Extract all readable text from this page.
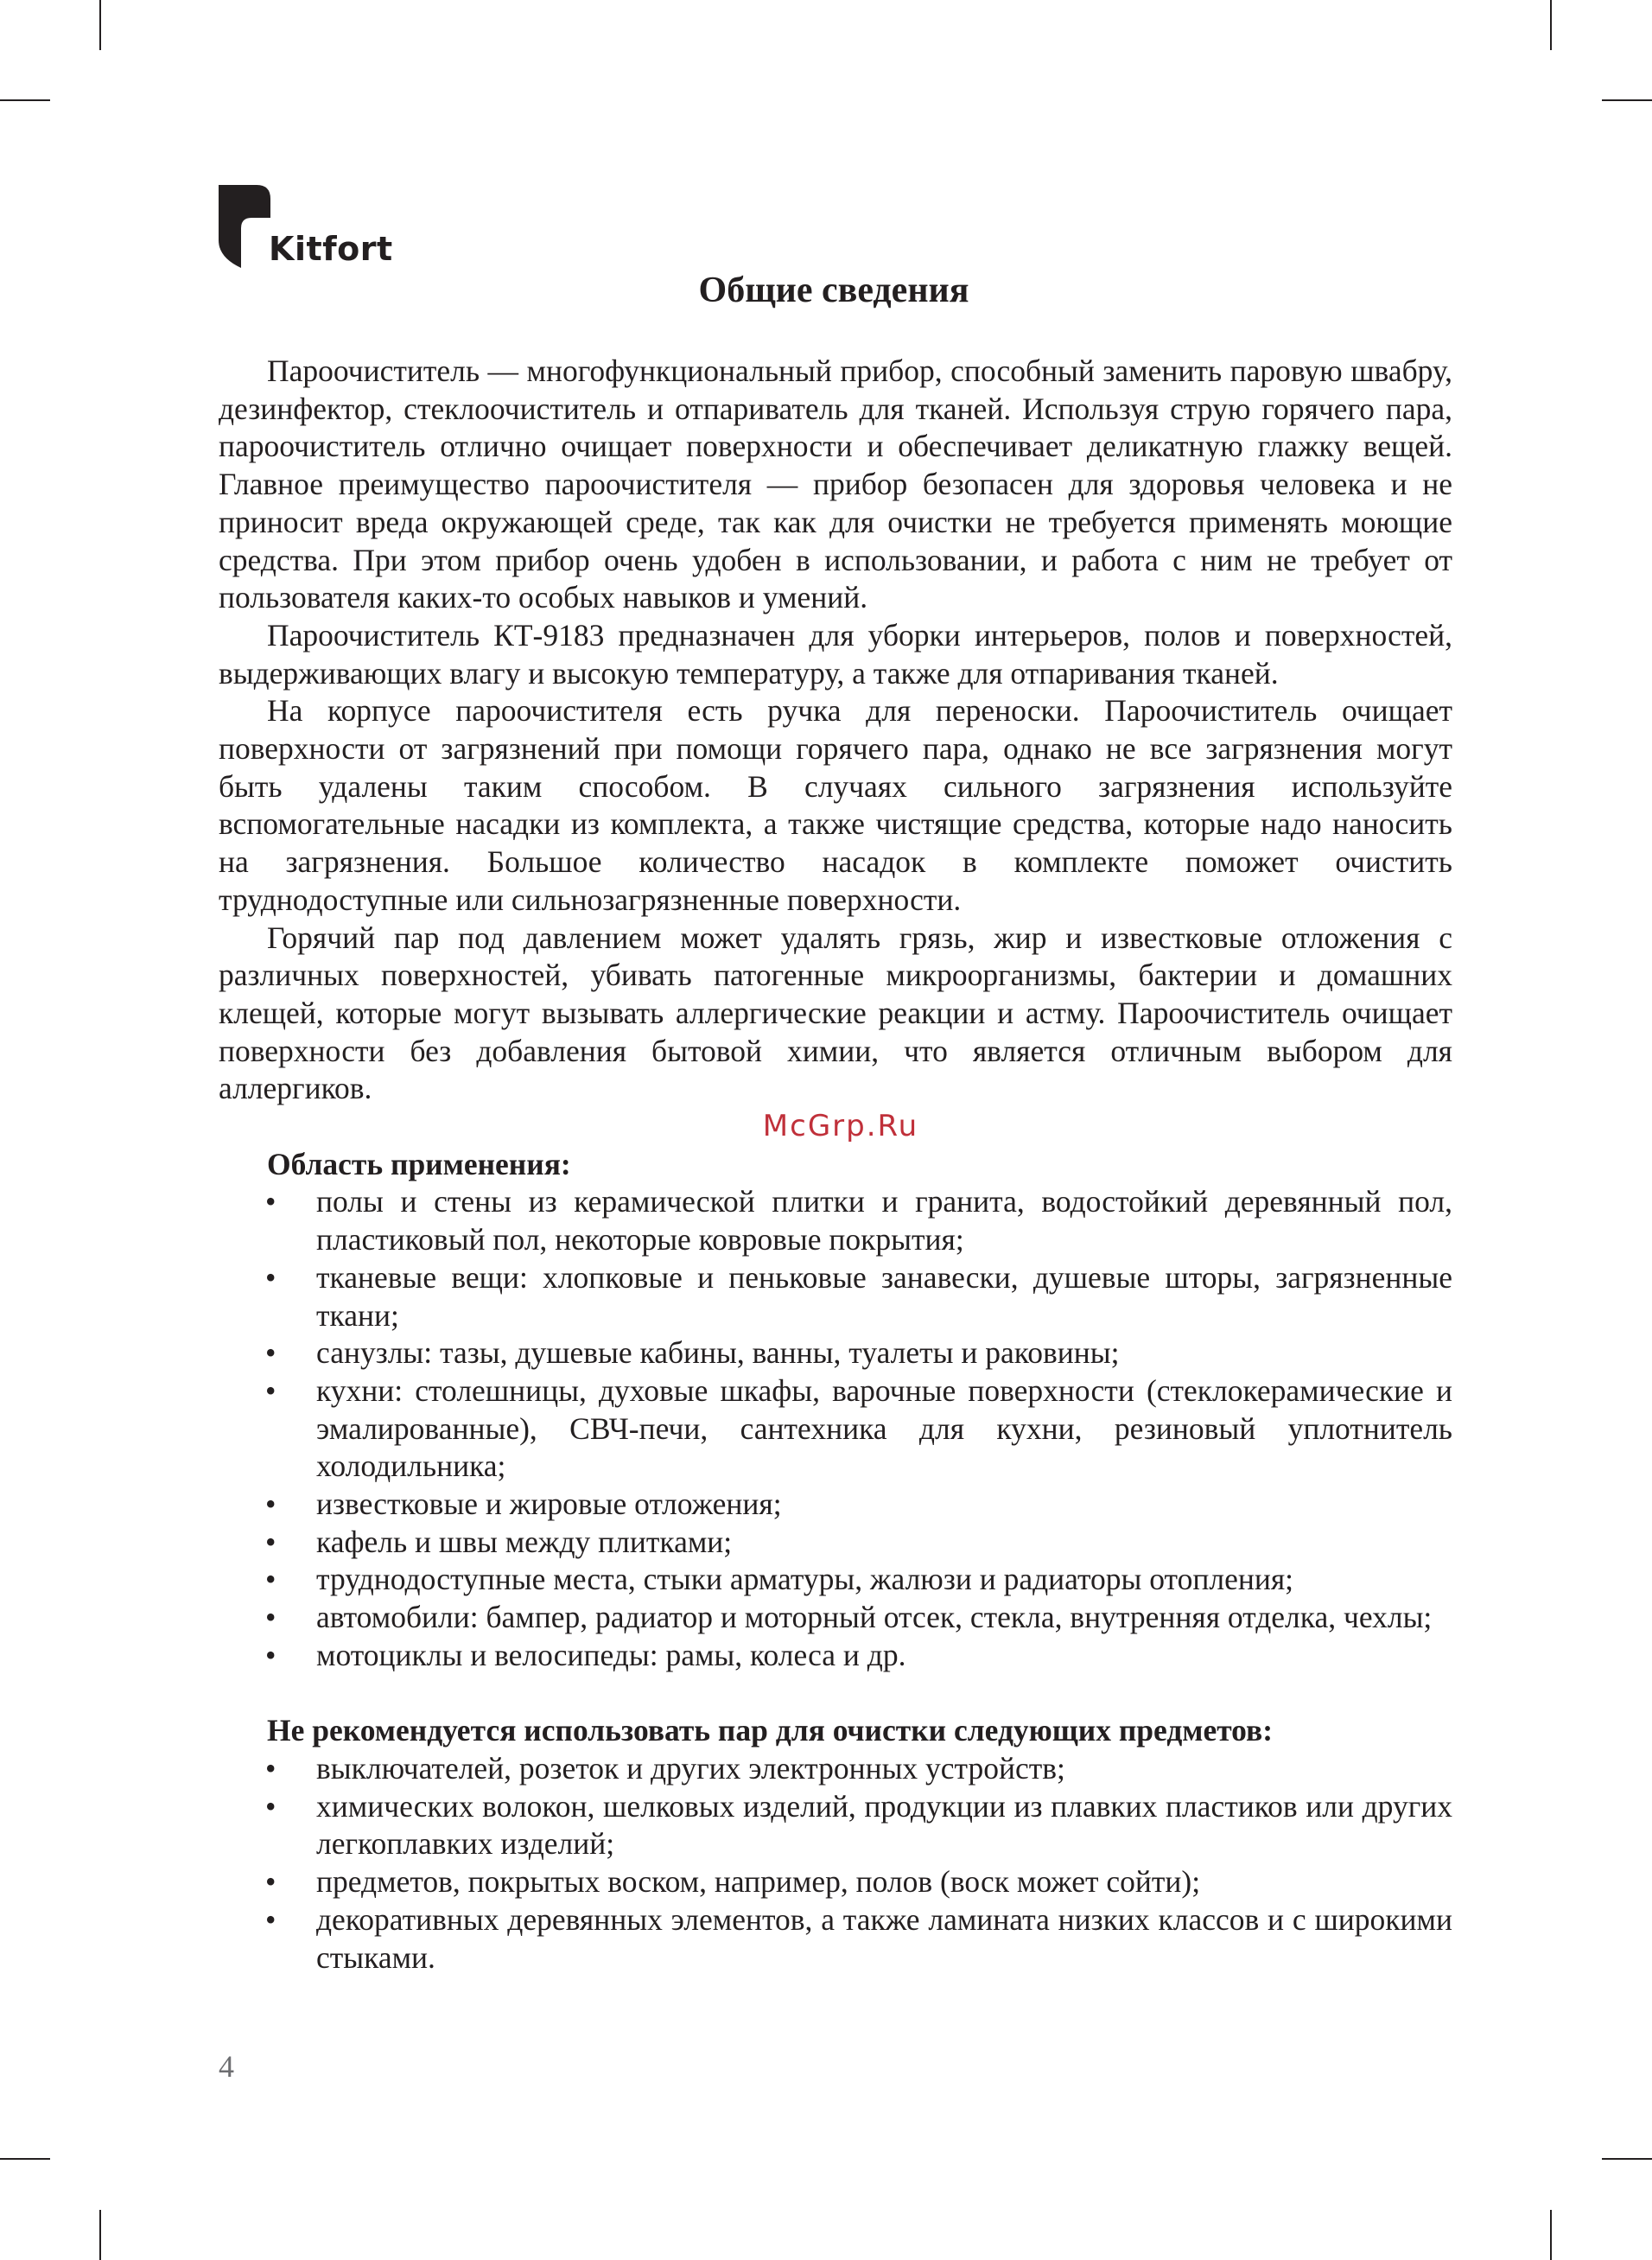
Kitfort
Общие сведения

Пароочиститель — многофункциональный прибор, способный заменить паровую швабру, дезинфектор, стеклоочиститель и отпариватель для тканей. Используя струю горячего пара, пароочиститель отлично очищает поверхности и обеспечивает деликатную глажку вещей. Главное преимущество пароочистителя — прибор безопасен для здоровья человека и не приносит вреда окружающей среде, так как для очистки не требуется применять моющие средства. При этом прибор очень удобен в использовании, и работа с ним не требует от пользователя каких-то особых навыков и умений.

Пароочиститель КТ-9183 предназначен для уборки интерьеров, полов и поверхностей, выдерживающих влагу и высокую температуру, а также для отпаривания тканей.

На корпусе пароочистителя есть ручка для переноски. Пароочиститель очищает поверхности от загрязнений при помощи горячего пара, однако не все загрязнения могут быть удалены таким способом. В случаях сильного загрязнения используйте вспомогательные насадки из комплекта, а также чистящие средства, которые надо наносить на загрязнения. Большое количество насадок в комплекте поможет очистить труднодоступные или сильнозагрязненные поверхности.

Горячий пар под давлением может удалять грязь, жир и известковые отложения с различных поверхностей, убивать патогенные микроорганизмы, бактерии и домашних клещей, которые могут вызывать аллергические реакции и астму. Пароочиститель очищает поверхности без добавления бытовой химии, что является отличным выбором для аллергиков.

McGrp.Ru
Область применения:
• полы и стены из керамической плитки и гранита, водостойкий деревянный пол, пластиковый пол, некоторые ковровые покрытия;
• тканевые вещи: хлопковые и пеньковые занавески, душевые шторы, загрязненные ткани;
• санузлы: тазы, душевые кабины, ванны, туалеты и раковины;
• кухни: столешницы, духовые шкафы, варочные поверхности (стеклокерамические и эмалированные), СВЧ-печи, сантехника для кухни, резиновый уплотнитель холодильника;
• известковые и жировые отложения;
• кафель и швы между плитками;
• труднодоступные места, стыки арматуры, жалюзи и радиаторы отопления;
• автомобили: бампер, радиатор и моторный отсек, стекла, внутренняя отделка, чехлы;
• мотоциклы и велосипеды: рамы, колеса и др.
Не рекомендуется использовать пар для очистки следующих предметов:
• выключателей, розеток и других электронных устройств;
• химических волокон, шелковых изделий, продукции из плавких пластиков или других легкоплавких изделий;
• предметов, покрытых воском, например, полов (воск может сойти);
• декоративных деревянных элементов, а также ламината низких классов и с широкими стыками.
4
